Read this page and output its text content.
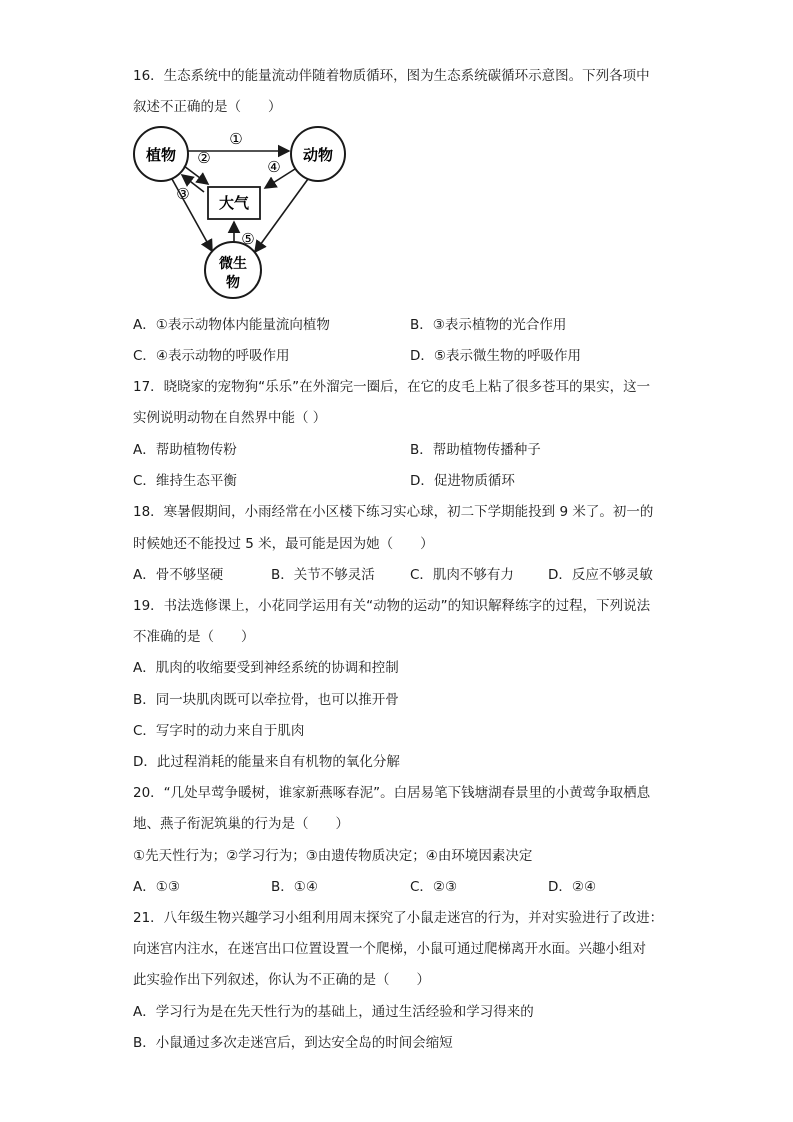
16．生态系统中的能量流动伴随着物质循环，图为生态系统碳循环示意图。下列各项中
叙述不正确的是（　　）
植物	动物
大气
微生
物
①
②
③
④
⑤
A．①表示动物体内能量流向植物	B．③表示植物的光合作用
C．④表示动物的呼吸作用	D．⑤表示微生物的呼吸作用
17．晓晓家的宠物狗“乐乐”在外溜完一圈后，在它的皮毛上粘了很多苍耳的果实，这一
实例说明动物在自然界中能（ ）
A．帮助植物传粉	B．帮助植物传播种子
C．维持生态平衡	D．促进物质循环
18．寒暑假期间，小雨经常在小区楼下练习实心球，初二下学期能投到 9 米了。初一的
时候她还不能投过 5 米，最可能是因为她（　　）
A．骨不够坚硬	B．关节不够灵活	C．肌肉不够有力	D．反应不够灵敏
19．书法选修课上，小花同学运用有关“动物的运动”的知识解释练字的过程，下列说法
不准确的是（　　）
A．肌肉的收缩要受到神经系统的协调和控制
B．同一块肌肉既可以牵拉骨，也可以推开骨
C．写字时的动力来自于肌肉
D．此过程消耗的能量来自有机物的氧化分解
20．“几处早莺争暖树，谁家新燕啄春泥”。白居易笔下钱塘湖春景里的小黄莺争取栖息
地、燕子衔泥筑巢的行为是（　　）
①先天性行为；②学习行为；③由遗传物质决定；④由环境因素决定
A．①③	B．①④	C．②③	D．②④
21．八年级生物兴趣学习小组利用周末探究了小鼠走迷宫的行为，并对实验进行了改进：
向迷宫内注水，在迷宫出口位置设置一个爬梯，小鼠可通过爬梯离开水面。兴趣小组对
此实验作出下列叙述，你认为不正确的是（　　）
A．学习行为是在先天性行为的基础上，通过生活经验和学习得来的
B．小鼠通过多次走迷宫后，到达安全岛的时间会缩短
